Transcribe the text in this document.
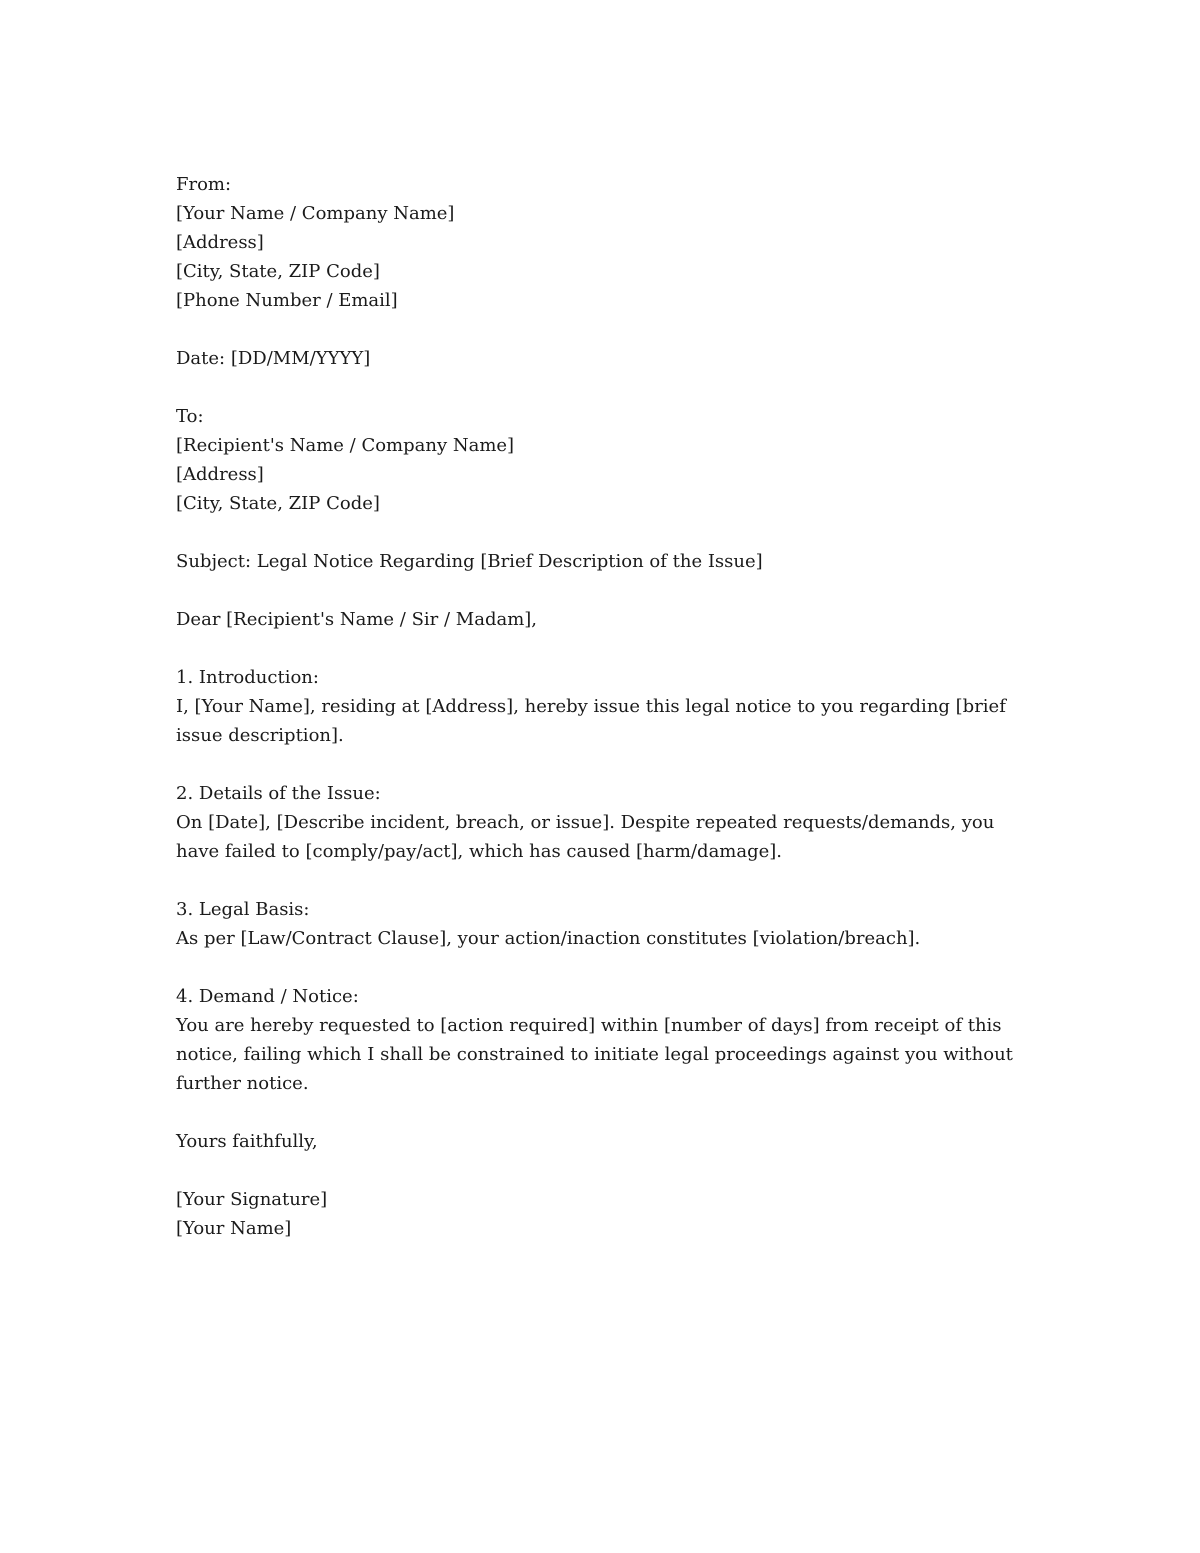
From:
[Your Name / Company Name]
[Address]
[City, State, ZIP Code]
[Phone Number / Email]
Date: [DD/MM/YYYY]
To:
[Recipient's Name / Company Name]
[Address]
[City, State, ZIP Code]
Subject: Legal Notice Regarding [Brief Description of the Issue]
Dear [Recipient's Name / Sir / Madam],
1. Introduction:
I, [Your Name], residing at [Address], hereby issue this legal notice to you regarding [brief issue description].
2. Details of the Issue:
On [Date], [Describe incident, breach, or issue]. Despite repeated requests/demands, you have failed to [comply/pay/act], which has caused [harm/damage].
3. Legal Basis:
As per [Law/Contract Clause], your action/inaction constitutes [violation/breach].
4. Demand / Notice:
You are hereby requested to [action required] within [number of days] from receipt of this notice, failing which I shall be constrained to initiate legal proceedings against you without further notice.
Yours faithfully,
[Your Signature]
[Your Name]
